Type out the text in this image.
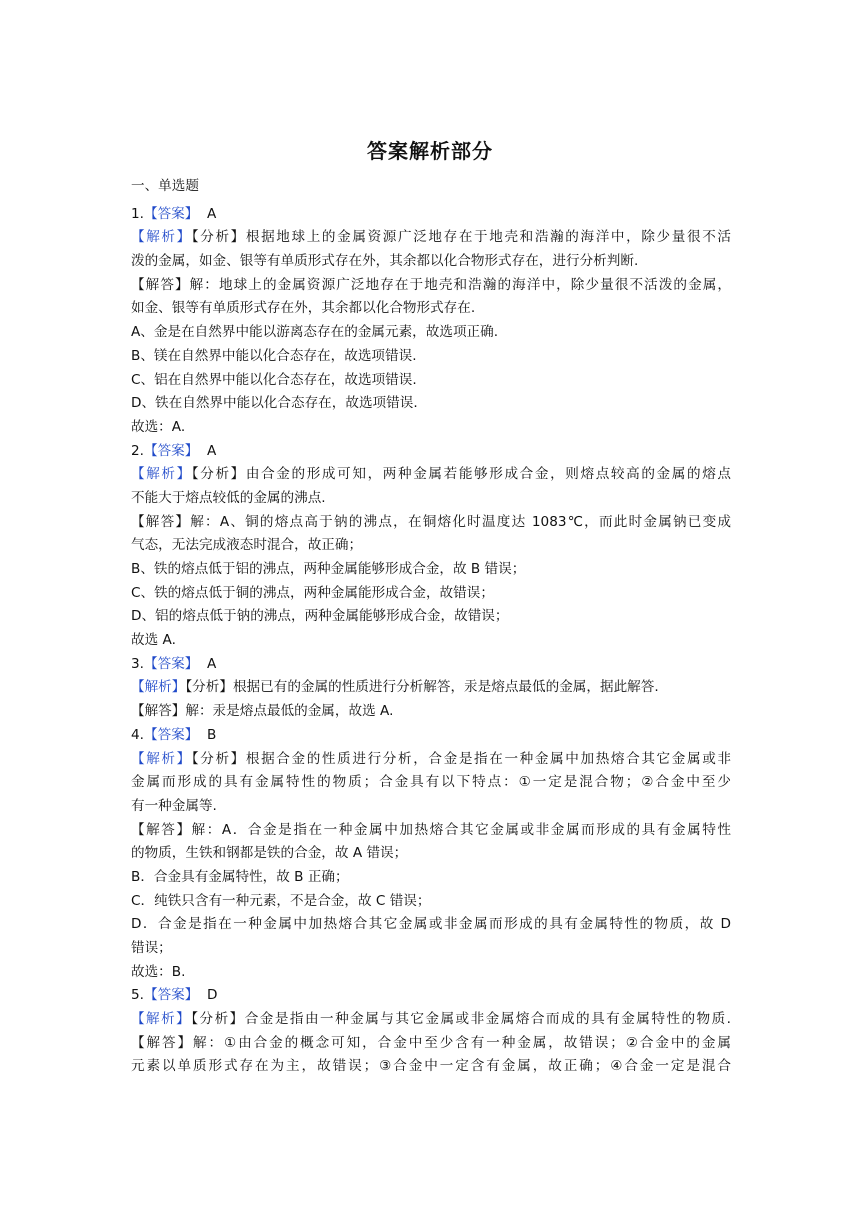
答案解析部分
一、单选题
1.【答案】  A
【解析】【分析】根据地球上的金属资源广泛地存在于地壳和浩瀚的海洋中，除少量很不活
泼的金属，如金、银等有单质形式存在外，其余都以化合物形式存在，进行分析判断.
【解答】解：地球上的金属资源广泛地存在于地壳和浩瀚的海洋中，除少量很不活泼的金属，
如金、银等有单质形式存在外，其余都以化合物形式存在.
A、金是在自然界中能以游离态存在的金属元素，故选项正确.
B、镁在自然界中能以化合态存在，故选项错误.
C、铝在自然界中能以化合态存在，故选项错误.
D、铁在自然界中能以化合态存在，故选项错误.
故选：A.
2.【答案】  A
【解析】【分析】由合金的形成可知，两种金属若能够形成合金，则熔点较高的金属的熔点
不能大于熔点较低的金属的沸点.
【解答】解：A、铜的熔点高于钠的沸点，在铜熔化时温度达 1083℃，而此时金属钠已变成
气态，无法完成液态时混合，故正确；
B、铁的熔点低于铝的沸点，两种金属能够形成合金，故 B 错误；
C、铁的熔点低于铜的沸点，两种金属能形成合金，故错误；
D、铝的熔点低于钠的沸点，两种金属能够形成合金，故错误；
故选 A.
3.【答案】  A
【解析】【分析】根据已有的金属的性质进行分析解答，汞是熔点最低的金属，据此解答.
【解答】解：汞是熔点最低的金属，故选 A.
4.【答案】  B
【解析】【分析】根据合金的性质进行分析，合金是指在一种金属中加热熔合其它金属或非
金属而形成的具有金属特性的物质；合金具有以下特点：①一定是混合物；②合金中至少
有一种金属等.
【解答】解：A．合金是指在一种金属中加热熔合其它金属或非金属而形成的具有金属特性
的物质，生铁和钢都是铁的合金，故 A 错误；
B．合金具有金属特性，故 B 正确；
C．纯铁只含有一种元素，不是合金，故 C 错误；
D．合金是指在一种金属中加热熔合其它金属或非金属而形成的具有金属特性的物质，故 D
错误；
故选：B.
5.【答案】  D
【解析】【分析】合金是指由一种金属与其它金属或非金属熔合而成的具有金属特性的物质.
【解答】解：①由合金的概念可知，合金中至少含有一种金属，故错误；②合金中的金属
元素以单质形式存在为主，故错误；③合金中一定含有金属，故正确；④合金一定是混合
